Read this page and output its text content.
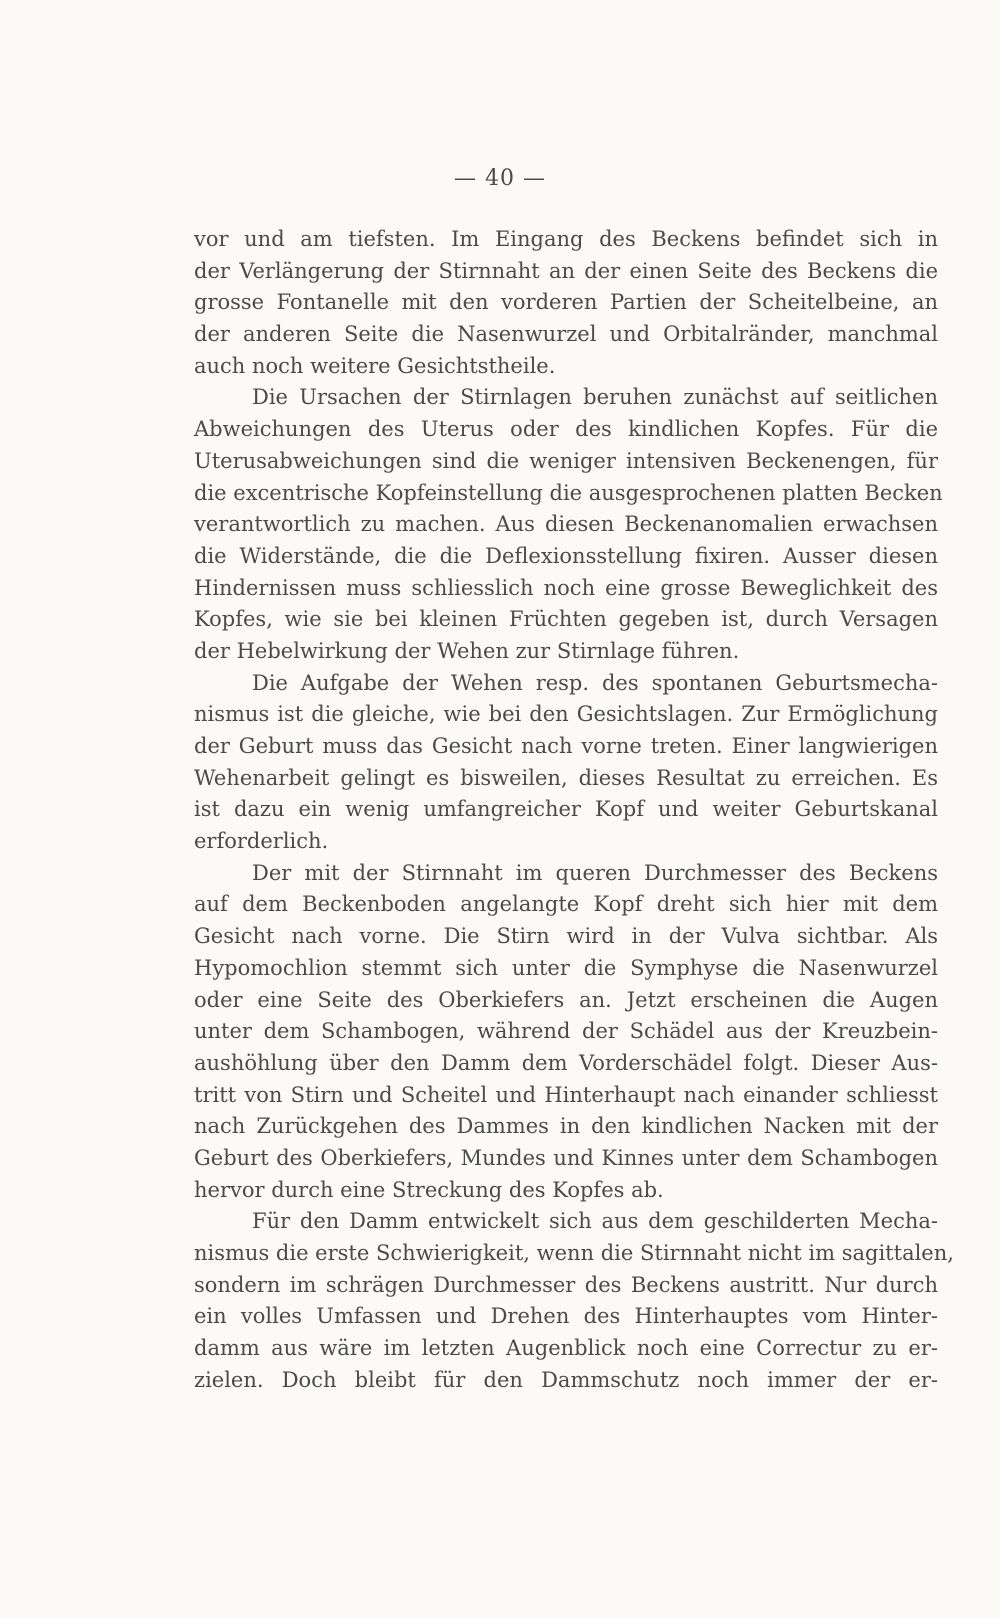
— 40 —
vor und am tiefsten. Im Eingang des Beckens befindet sich in
der Verlängerung der Stirnnaht an der einen Seite des Beckens die
grosse Fontanelle mit den vorderen Partien der Scheitelbeine, an
der anderen Seite die Nasenwurzel und Orbitalränder, manchmal
auch noch weitere Gesichtstheile.
Die Ursachen der Stirnlagen beruhen zunächst auf seitlichen
Abweichungen des Uterus oder des kindlichen Kopfes. Für die
Uterusabweichungen sind die weniger intensiven Beckenengen, für
die excentrische Kopfeinstellung die ausgesprochenen platten Becken
verantwortlich zu machen. Aus diesen Beckenanomalien erwachsen
die Widerstände, die die Deflexionsstellung fixiren. Ausser diesen
Hindernissen muss schliesslich noch eine grosse Beweglichkeit des
Kopfes, wie sie bei kleinen Früchten gegeben ist, durch Versagen
der Hebelwirkung der Wehen zur Stirnlage führen.
Die Aufgabe der Wehen resp. des spontanen Geburtsmecha-
nismus ist die gleiche, wie bei den Gesichtslagen. Zur Ermöglichung
der Geburt muss das Gesicht nach vorne treten. Einer langwierigen
Wehenarbeit gelingt es bisweilen, dieses Resultat zu erreichen. Es
ist dazu ein wenig umfangreicher Kopf und weiter Geburtskanal
erforderlich.
Der mit der Stirnnaht im queren Durchmesser des Beckens
auf dem Beckenboden angelangte Kopf dreht sich hier mit dem
Gesicht nach vorne. Die Stirn wird in der Vulva sichtbar. Als
Hypomochlion stemmt sich unter die Symphyse die Nasenwurzel
oder eine Seite des Oberkiefers an. Jetzt erscheinen die Augen
unter dem Schambogen, während der Schädel aus der Kreuzbein-
aushöhlung über den Damm dem Vorderschädel folgt. Dieser Aus-
tritt von Stirn und Scheitel und Hinterhaupt nach einander schliesst
nach Zurückgehen des Dammes in den kindlichen Nacken mit der
Geburt des Oberkiefers, Mundes und Kinnes unter dem Schambogen
hervor durch eine Streckung des Kopfes ab.
Für den Damm entwickelt sich aus dem geschilderten Mecha-
nismus die erste Schwierigkeit, wenn die Stirnnaht nicht im sagittalen,
sondern im schrägen Durchmesser des Beckens austritt. Nur durch
ein volles Umfassen und Drehen des Hinterhauptes vom Hinter-
damm aus wäre im letzten Augenblick noch eine Correctur zu er-
zielen. Doch bleibt für den Dammschutz noch immer der er-
